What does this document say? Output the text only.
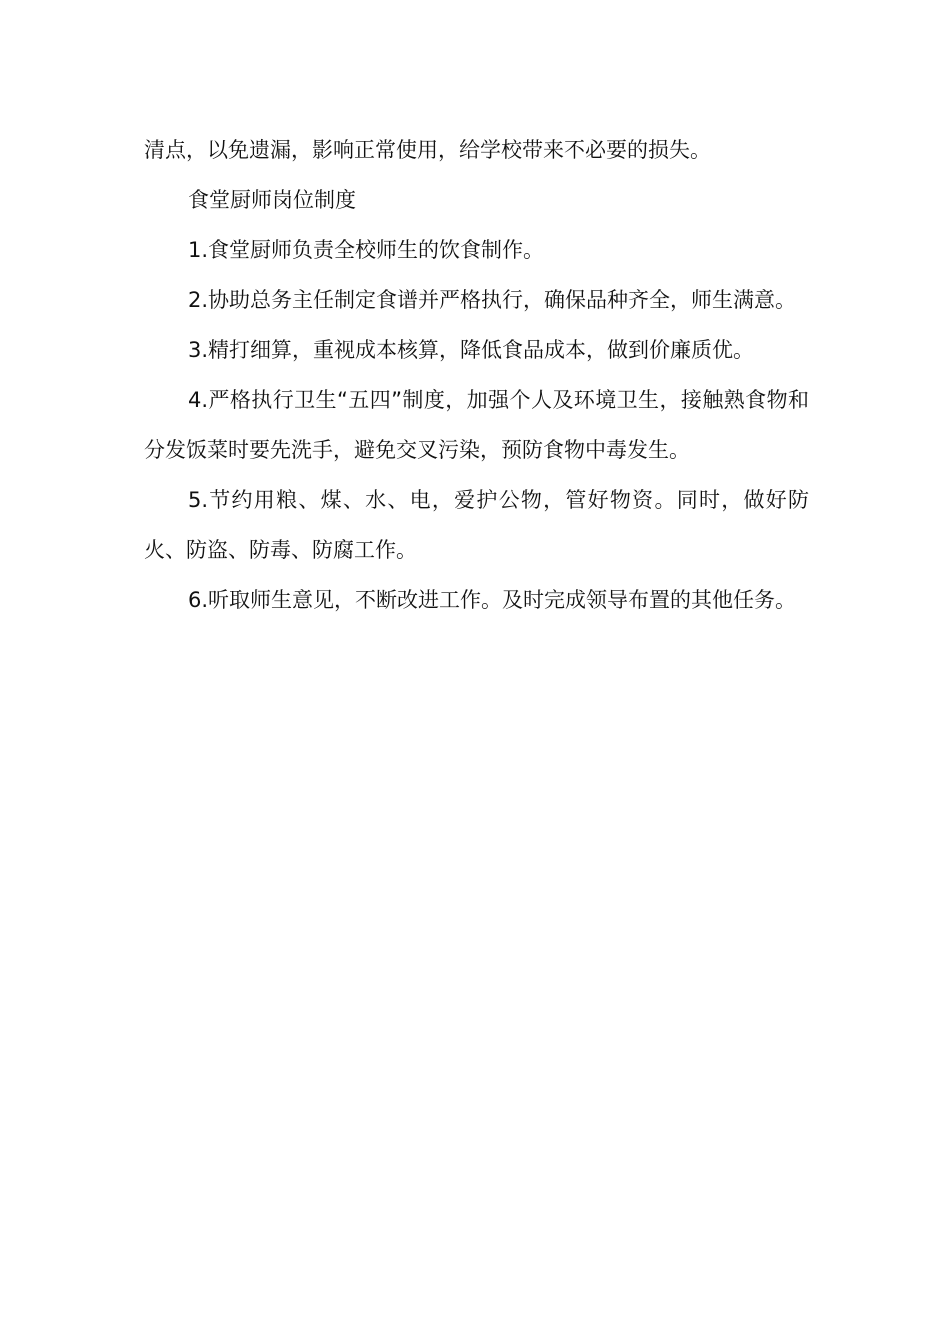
清点，以免遗漏，影响正常使用，给学校带来不必要的损失。

食堂厨师岗位制度

1.食堂厨师负责全校师生的饮食制作。

2.协助总务主任制定食谱并严格执行，确保品种齐全，师生满意。

3.精打细算，重视成本核算，降低食品成本，做到价廉质优。

4.严格执行卫生“五四”制度，加强个人及环境卫生，接触熟食物和分发饭菜时要先洗手，避免交叉污染，预防食物中毒发生。

5.节约用粮、煤、水、电，爱护公物，管好物资。同时，做好防火、防盗、防毒、防腐工作。

6.听取师生意见，不断改进工作。及时完成领导布置的其他任务。
